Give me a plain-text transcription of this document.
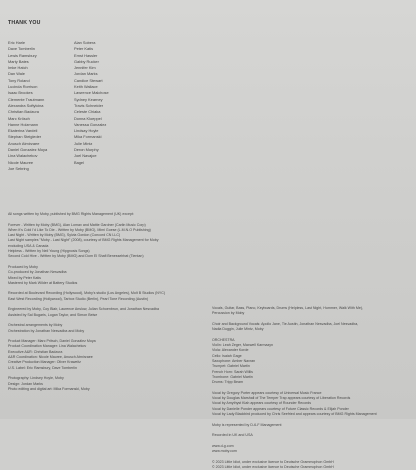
THANK YOU
Eric Harle
Dave Tomberlin
Lewis Ramsbury
Marty Bates
Imke Hatch
Dan Wale
Tony Roland
Lucinda Rorrison
Isaac Brookes
Clemente Trautmann
Alexandra Softylcina
Christian Badzura
Marc Krösch
Hanne Holzmann
Ekaterina Vardeli
Stephan Steigleder
Anusch Atmirzaee
Daniel Gonzalez Moya
Lina Walachekov
Nicole Mauree
Joe Sebring
Alan Sobera
Peter Katis
Ernst Hassler
Gabby Rucker
Jennifer Kim
Jordan Marks
Candice Stewart
Keith Wallace
Lawrence Malchose
Sydney Kearney
Travis Schneider
Celeste Chiaka
Donna Kloeppel
Vanessa Gonzalez
Lindsay Hoyle
Mika Formanski
Julie Mintz
Deron Murphy
Joel Navajoe
Bagel
All songs written by Moby, published by BMG Rights Management (UK) except:
Forever - Written by Moby (BMG), Alan Lomax and Mattie Gardner (Carlin Music Corp)
When It's Cold I'd Like To Die - Written by Moby (BMG), Mimi Goese (L.M.N.O Publishing)
Last Night - Written by Moby (BMG), Sylvia Gordon (Concord CN LLC)
Last Night samples "Moby - Last Night" (2008), courtesy of BMG Rights Management for Moby
excluding USA & Canada
Helpless - Written by Neil Young (Hipgnosis Songs)
Second Cold Hive - Written by Moby (BMG) and Dom El Shafi Benesselrbat (Tientan)
Produced by Moby
Co-produced by Jonathan Nesvadba
Mixed by Peter Katis
Mastered by Mark Wilder at Battery Studios
Recorded at Boulevard Recording (Hollywood), Moby's studio (Los Angeles), Molt B Studios (NYC)
East West Recording (Hollywood), Tarbox Studio (Berlin), Pearl Tone Recording (Austin)
Engineered by Moby, Coy Blair, Laurence Anslow, Julian Schoenbrun, and Jonathan Nesvadba
Assisted by Sal Bugaris, Logan Taylor, and Simon Beise
Orchestral arrangements by Moby
Orchestration by Jonathan Nesvadba and Moby
Product Manager: Marc Pritsch, Daniel González Moya
Product Coordination Manager: Lina Walachekov
Executive A&R: Christian Badzura
A&R Coordination: Nicole Mauree, Anusch Atmirzaee
Creative Production Manager: Oliver Kraweitz
U.S. Label: Eric Ramsbury, Dave Tomberlin
Photography: Lindsey Hoyle, Moby
Design: Jordan Marks
Photo editing and digital art: Mika Formanski, Moby
Vocals, Guitar, Bass, Piano, Keyboards, Drums (Helpless, Last Night, Hummer, Walk With Me),
Percussion by Moby
Choir and Background Vocals: Apollo Jane, Tie Austin, Jonathan Nesvadba, Joel Nesvadba,
Nadia Duggin, Julie Mintz, Moby
ORCHESTRA
Violin: Leah Zeger, Maxwell Karmazyn
Viola: Alexander Korde
Cello: Isaiah Gage
Saxophone: Amber Navran
Trumpet: Gabriel Martin
French Horn: Sarah Willis
Trombone: Gabriel Martin
Drums: Tripp Beam
Vocal by Gregory Porter appears courtesy of Universal Music France
Vocal by Douglas Marshall of The Temper Trap appears courtesy of Liberation Records
Vocal by Amythyst Kiah appears courtesy of Rounder Records
Vocal by Danielle Ponder appears courtesy of Future Classic Records & Elijah Ponder
Vocal by Lady Blackbird produced by Chris Seefried and appears courtesy of BMG Rights Management
Moby is represented by D-6-F Management
Recorded in UK and USA
www.d-g.com
www.moby.com
© 2023 Little Idiot, under exclusive licence to Deutsche Grammophon GmbH
© 2023 Little Idiot, under exclusive licence to Deutsche Grammophon GmbH
